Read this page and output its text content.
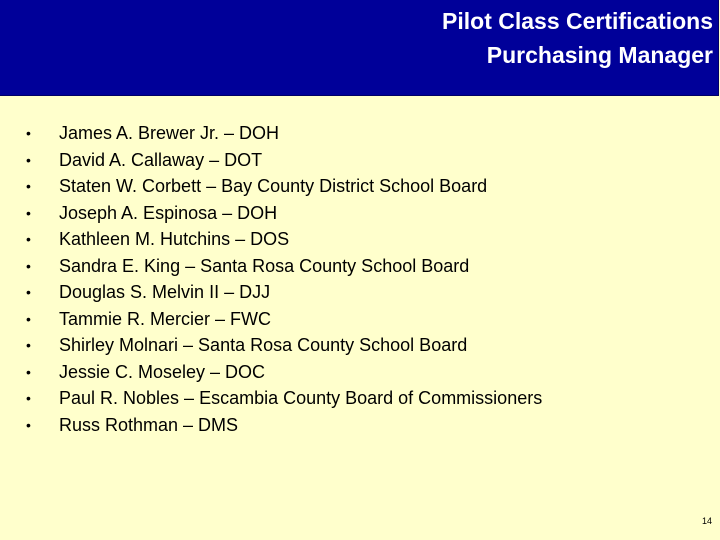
Pilot Class Certifications
Purchasing Manager
• James A. Brewer Jr. – DOH
• David A. Callaway – DOT
• Staten W. Corbett – Bay County District School Board
• Joseph A. Espinosa – DOH
• Kathleen M. Hutchins – DOS
• Sandra E. King – Santa Rosa County School Board
• Douglas S. Melvin II – DJJ
• Tammie R. Mercier – FWC
• Shirley Molnari – Santa Rosa County School Board
• Jessie C. Moseley – DOC
• Paul R. Nobles – Escambia County Board of Commissioners
• Russ Rothman – DMS
14
